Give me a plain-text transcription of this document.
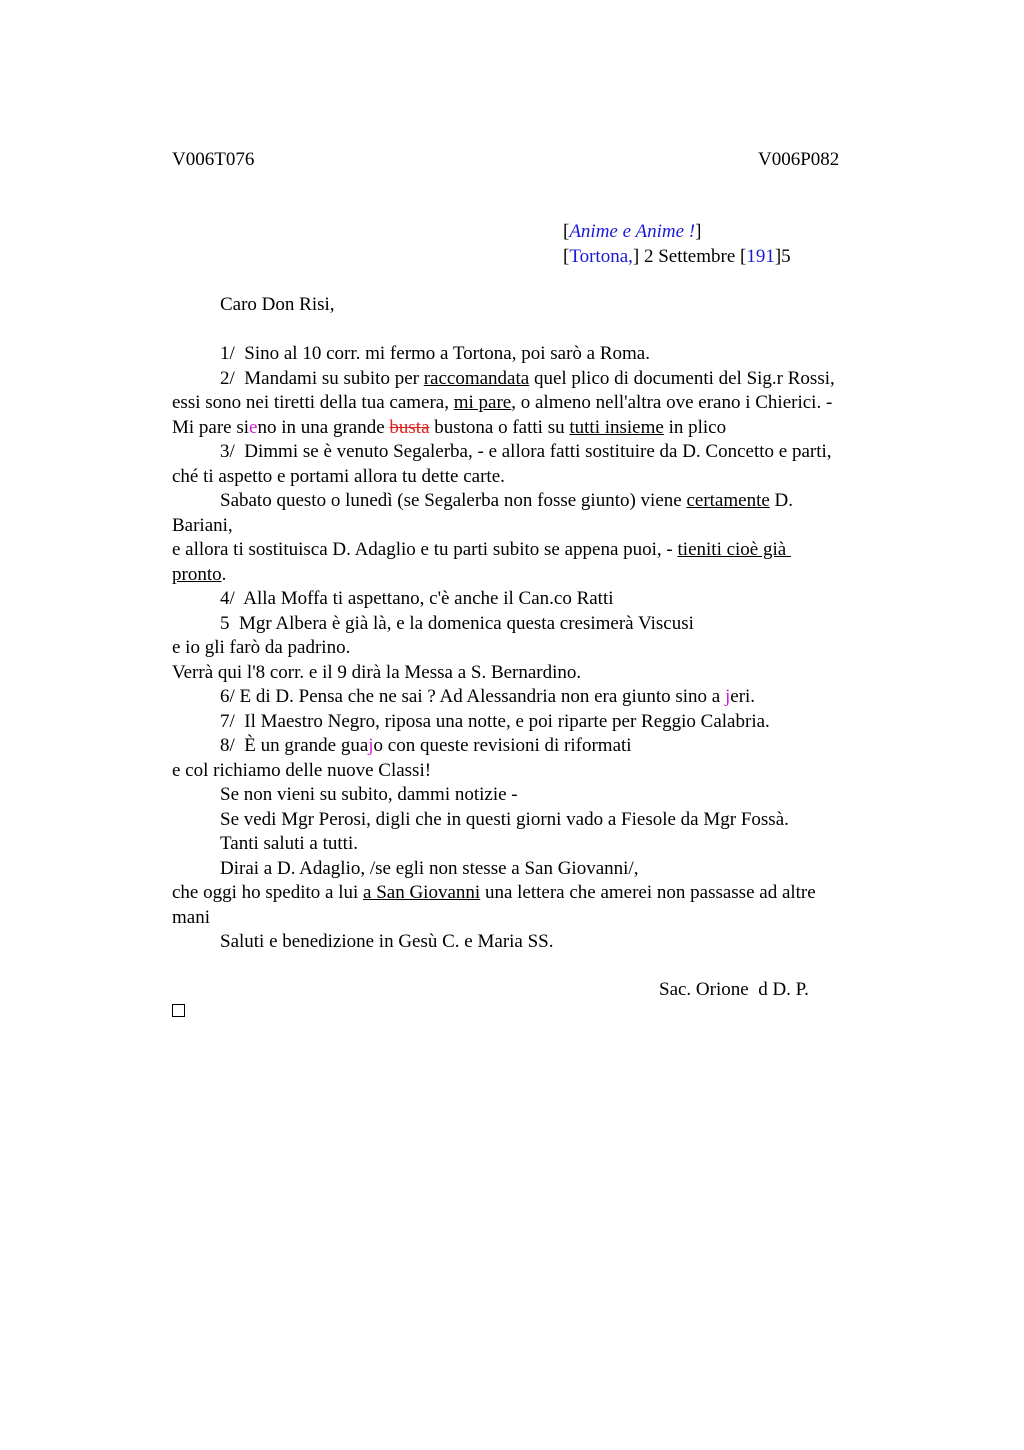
V006T076	V006P082
[Anime e Anime !]
[Tortona,] 2 Settembre [191]5
Caro Don Risi,
1/  Sino al 10 corr. mi fermo a Tortona, poi sarò a Roma.
2/  Mandami su subito per raccomandata quel plico di documenti del Sig.r Rossi,
essi sono nei tiretti della tua camera, mi pare, o almeno nell'altra ove erano i Chierici. -
Mi pare sieno in una grande busta bustona o fatti su tutti insieme in plico
3/  Dimmi se è venuto Segalerba, - e allora fatti sostituire da D. Concetto e parti,
ché ti aspetto e portami allora tu dette carte.
Sabato questo o lunedì (se Segalerba non fosse giunto) viene certamente D.
Bariani,
e allora ti sostituisca D. Adaglio e tu parti subito se appena puoi, - tieniti cioè già
pronto.
4/  Alla Moffa ti aspettano, c'è anche il Can.co Ratti
5  Mgr Albera è già là, e la domenica questa cresimerà Viscusi
e io gli farò da padrino.
Verrà qui l'8 corr. e il 9 dirà la Messa a S. Bernardino.
6/ E di D. Pensa che ne sai ? Ad Alessandria non era giunto sino a jeri.
7/  Il Maestro Negro, riposa una notte, e poi riparte per Reggio Calabria.
8/  È un grande guajo con queste revisioni di riformati
e col richiamo delle nuove Classi!
Se non vieni su subito, dammi notizie -
Se vedi Mgr Perosi, digli che in questi giorni vado a Fiesole da Mgr Fossà.
Tanti saluti a tutti.
Dirai a D. Adaglio, /se egli non stesse a San Giovanni/,
che oggi ho spedito a lui a San Giovanni una lettera che amerei non passasse ad altre
mani
Saluti e benedizione in Gesù C. e Maria SS.
Sac. Orione  d D. P.
